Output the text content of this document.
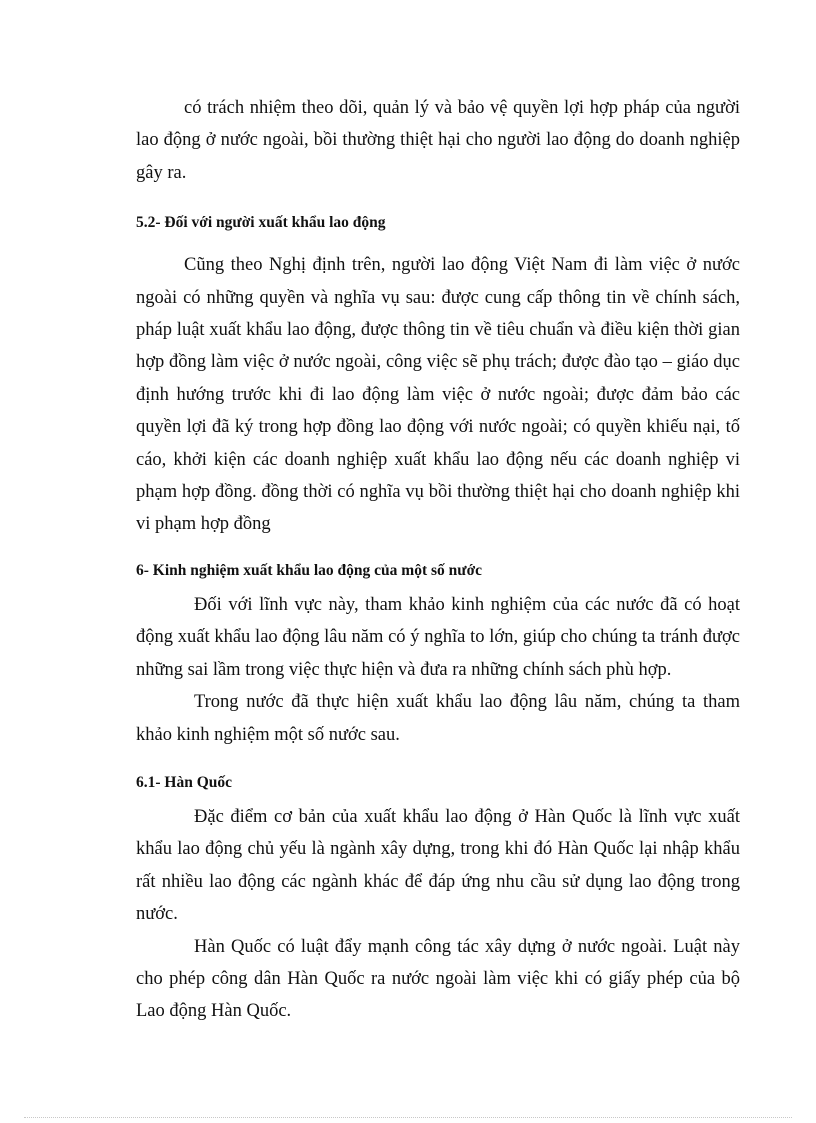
có trách nhiệm theo dõi, quản lý và bảo vệ quyền lợi hợp pháp của người lao động ở nước ngoài, bồi thường thiệt hại cho người lao động do doanh nghiệp gây ra.

5.2- Đối với người xuất khẩu lao động

Cũng theo Nghị định trên, người lao động Việt Nam đi làm việc ở nước ngoài có những quyền và nghĩa vụ sau: được cung cấp thông tin về chính sách, pháp luật xuất khẩu lao động, được thông tin về tiêu chuẩn và điều kiện thời gian hợp đồng làm việc ở nước ngoài, công việc sẽ phụ trách; được đào tạo – giáo dục định hướng trước khi đi lao động làm việc ở nước ngoài; được đảm bảo các quyền lợi đã ký trong hợp đồng lao động với nước ngoài; có quyền khiếu nại, tố cáo, khởi kiện các doanh nghiệp xuất khẩu lao động nếu các doanh nghiệp vi phạm hợp đồng. đồng thời có nghĩa vụ bồi thường thiệt hại cho doanh nghiệp khi vi phạm hợp đồng

6- Kinh nghiệm xuất khẩu lao động của một số nước

Đối với lĩnh vực này, tham khảo kinh nghiệm của các nước đã có hoạt động xuất khẩu lao động lâu năm có ý nghĩa to lớn, giúp cho chúng ta tránh được những sai lầm trong việc thực hiện và đưa ra những chính sách phù hợp.

Trong nước đã thực hiện xuất khẩu lao động lâu năm, chúng ta tham khảo kinh nghiệm một số nước sau.

6.1- Hàn Quốc

Đặc điểm cơ bản của xuất khẩu lao động ở Hàn Quốc là lĩnh vực xuất khẩu lao động chủ yếu là ngành xây dựng, trong khi đó Hàn Quốc lại nhập khẩu rất nhiều lao động các ngành khác để đáp ứng nhu cầu sử dụng lao động trong nước.

Hàn Quốc có luật đẩy mạnh công tác xây dựng ở nước ngoài. Luật này cho phép công dân Hàn Quốc ra nước ngoài làm việc khi có giấy phép của bộ Lao động Hàn Quốc.
